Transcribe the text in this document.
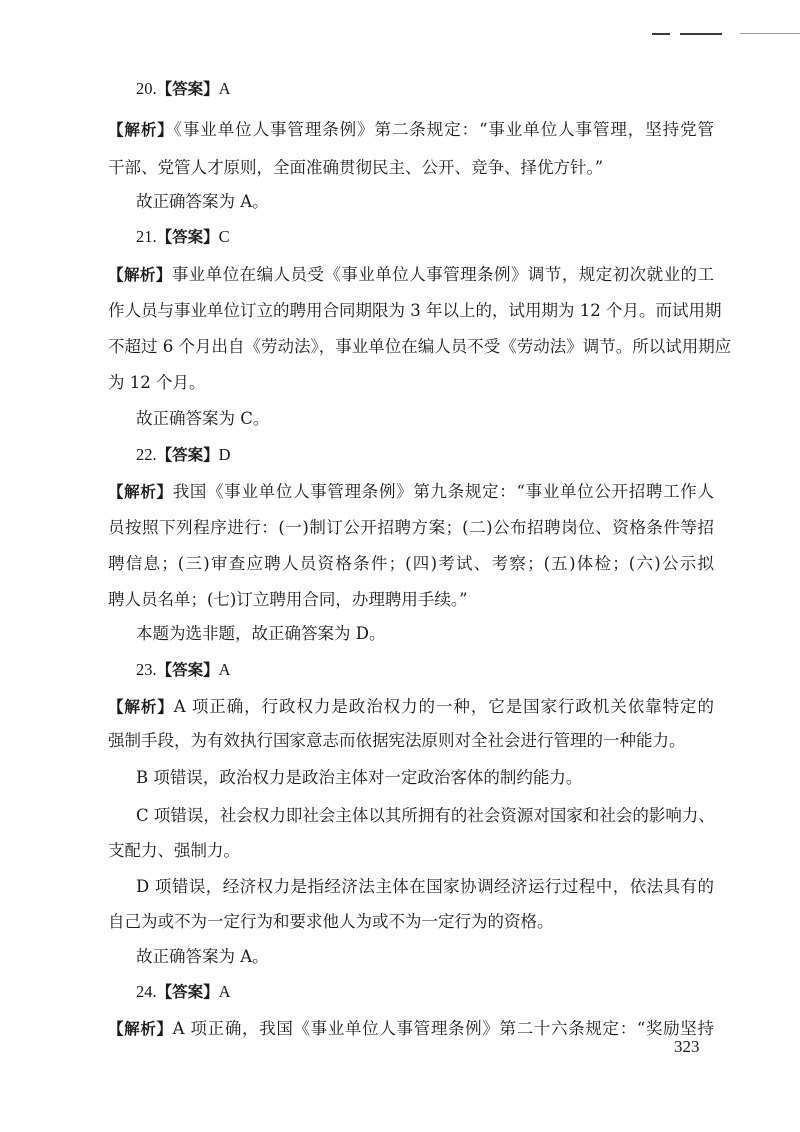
20.【答案】A
【解析】《事业单位人事管理条例》第二条规定：“事业单位人事管理，坚持党管
干部、党管人才原则，全面准确贯彻民主、公开、竞争、择优方针。”
故正确答案为 A。
21.【答案】C
【解析】事业单位在编人员受《事业单位人事管理条例》调节，规定初次就业的工
作人员与事业单位订立的聘用合同期限为 3 年以上的，试用期为 12 个月。而试用期
不超过 6 个月出自《劳动法》，事业单位在编人员不受《劳动法》调节。所以试用期应
为 12 个月。
故正确答案为 C。
22.【答案】D
【解析】我国《事业单位人事管理条例》第九条规定：“事业单位公开招聘工作人
员按照下列程序进行：(一)制订公开招聘方案；(二)公布招聘岗位、资格条件等招
聘信息；(三)审查应聘人员资格条件；(四)考试、考察；(五)体检；(六)公示拟
聘人员名单；(七)订立聘用合同，办理聘用手续。”
本题为选非题，故正确答案为 D。
23.【答案】A
【解析】A 项正确，行政权力是政治权力的一种，它是国家行政机关依靠特定的
强制手段，为有效执行国家意志而依据宪法原则对全社会进行管理的一种能力。
B 项错误，政治权力是政治主体对一定政治客体的制约能力。
C 项错误，社会权力即社会主体以其所拥有的社会资源对国家和社会的影响力、
支配力、强制力。
D 项错误，经济权力是指经济法主体在国家协调经济运行过程中，依法具有的
自己为或不为一定行为和要求他人为或不为一定行为的资格。
故正确答案为 A。
24.【答案】A
【解析】A 项正确，我国《事业单位人事管理条例》第二十六条规定：“奖励坚持
323
